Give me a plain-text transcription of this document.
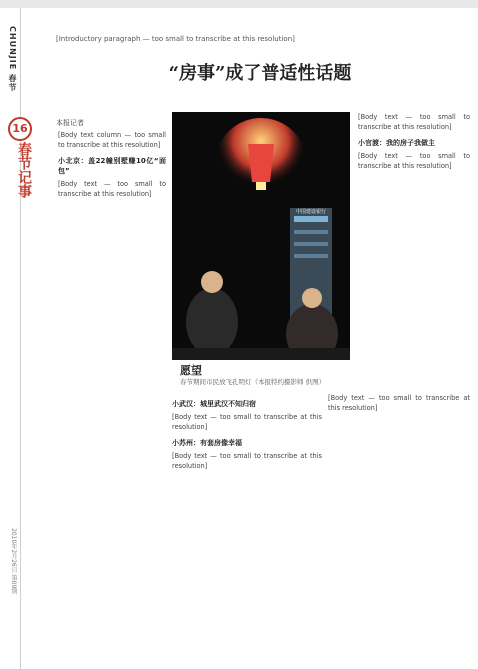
CHUNJIE 春节
2010年2月26日 第09期

[Introductory paragraph — too small to transcribe at this resolution]

“房事”成了普适性话题
16
春节记事
本报记者
[Body text column — too small to transcribe at this resolution]
小北京：盖22幢别墅赚10亿“面包”
[Body text — too small to transcribe at this resolution]
中国建设银行
愿望
春节期间市民放飞孔明灯（本报特约摄影师 供图）
小武汉：城里武汉不知归宿
[Body text — too small to transcribe at this resolution]
小苏州：有套房像幸福
[Body text — too small to transcribe at this resolution]
[Body text — too small to transcribe at this resolution]
[Body text — too small to transcribe at this resolution]
小官渡：我的房子我做主
[Body text — too small to transcribe at this resolution]
